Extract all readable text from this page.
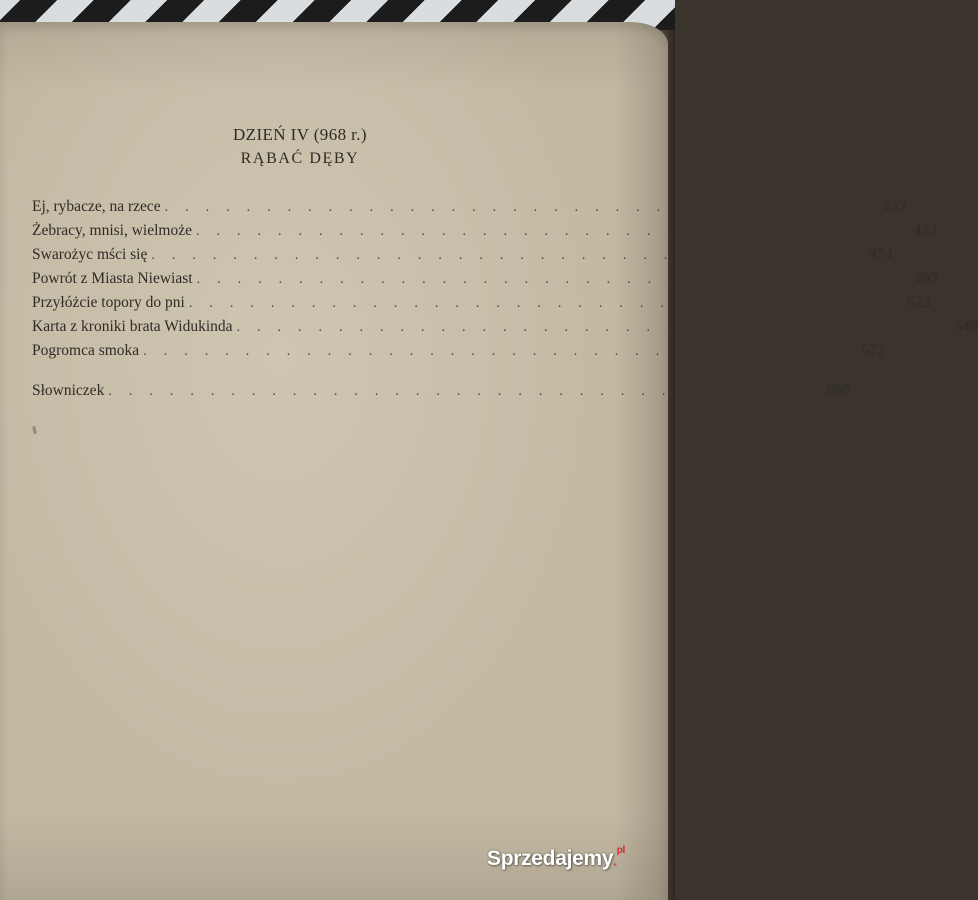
DZIEŃ IV (968 r.)
RĄBAĆ DĘBY
Ej, rybacze, na rzece ................................... 437
Żebracy, mnisi, wielmoże ................................... 453
Swarożyc mści się ................................... 474
Powrót z Miasta Niewiast ................................... 497
Przyłóżcie topory do pni ................................... 523
Karta z kroniki brata Widukinda ................................... 549
Pogromca smoka ................................... 572
Słowniczek ................................... 596
Sprzedajemy.$^{pl}$
